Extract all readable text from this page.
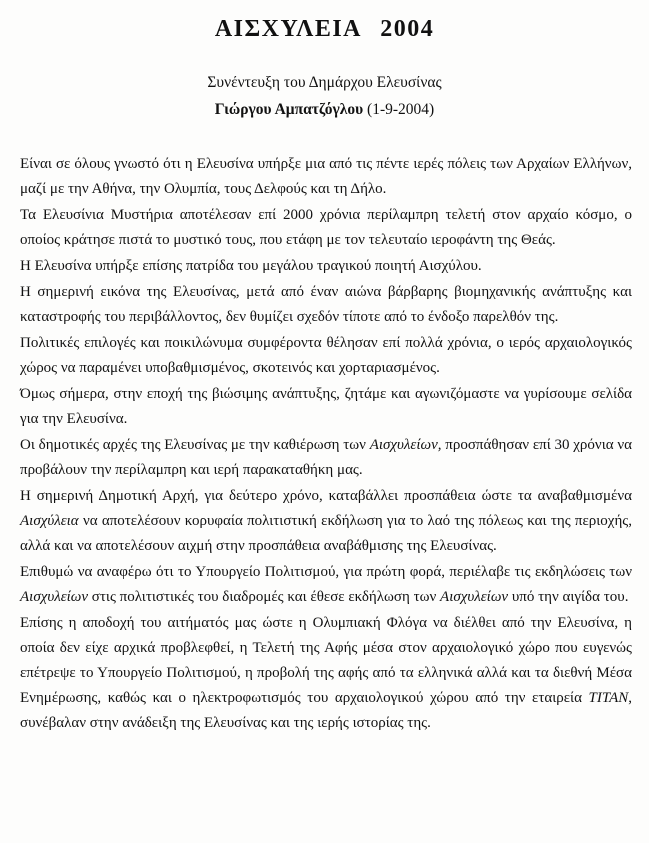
ΑΙΣΧΥΛΕΙΑ 2004
Συνέντευξη του Δημάρχου Ελευσίνας
Γιώργου Αμπατζόγλου (1-9-2004)

Είναι σε όλους γνωστό ότι η Ελευσίνα υπήρξε μια από τις πέντε ιερές πόλεις των Αρχαίων Ελλήνων, μαζί με την Αθήνα, την Ολυμπία, τους Δελφούς και τη Δήλο.

Τα Ελευσίνια Μυστήρια αποτέλεσαν επί 2000 χρόνια περίλαμπρη τελετή στον αρχαίο κόσμο, ο οποίος κράτησε πιστά το μυστικό τους, που ετάφη με τον τελευταίο ιεροφάντη της Θεάς.

Η Ελευσίνα υπήρξε επίσης πατρίδα του μεγάλου τραγικού ποιητή Αισχύλου.

Η σημερινή εικόνα της Ελευσίνας, μετά από έναν αιώνα βάρβαρης βιομηχανικής ανάπτυξης και καταστροφής του περιβάλλοντος, δεν θυμίζει σχεδόν τίποτε από το ένδοξο παρελθόν της.

Πολιτικές επιλογές και ποικιλώνυμα συμφέροντα θέλησαν επί πολλά χρόνια, ο ιερός αρχαιολογικός χώρος να παραμένει υποβαθμισμένος, σκοτεινός και χορταριασμένος.

Όμως σήμερα, στην εποχή της βιώσιμης ανάπτυξης, ζητάμε και αγωνιζόμαστε να γυρίσουμε σελίδα για την Ελευσίνα.

Οι δημοτικές αρχές της Ελευσίνας με την καθιέρωση των Αισχυλείων, προσπάθησαν επί 30 χρόνια να προβάλουν την περίλαμπρη και ιερή παρακαταθήκη μας.

Η σημερινή Δημοτική Αρχή, για δεύτερο χρόνο, καταβάλλει προσπάθεια ώστε τα αναβαθμισμένα Αισχύλεια να αποτελέσουν κορυφαία πολιτιστική εκδήλωση για το λαό της πόλεως και της περιοχής, αλλά και να αποτελέσουν αιχμή στην προσπάθεια αναβάθμισης της Ελευσίνας.

Επιθυμώ να αναφέρω ότι το Υπουργείο Πολιτισμού, για πρώτη φορά, περιέλαβε τις εκδηλώσεις των Αισχυλείων στις πολιτιστικές του διαδρομές και έθεσε εκδήλωση των Αισχυλείων υπό την αιγίδα του.

Επίσης η αποδοχή του αιτήματός μας ώστε η Ολυμπιακή Φλόγα να διέλθει από την Ελευσίνα, η οποία δεν είχε αρχικά προβλεφθεί, η Τελετή της Αφής μέσα στον αρχαιολογικό χώρο που ευγενώς επέτρεψε το Υπουργείο Πολιτισμού, η προβολή της αφής από τα ελληνικά αλλά και τα διεθνή Μέσα Ενημέρωσης, καθώς και ο ηλεκτροφωτισμός του αρχαιολογικού χώρου από την εταιρεία TITAN, συνέβαλαν στην ανάδειξη της Ελευσίνας και της ιερής ιστορίας της.
